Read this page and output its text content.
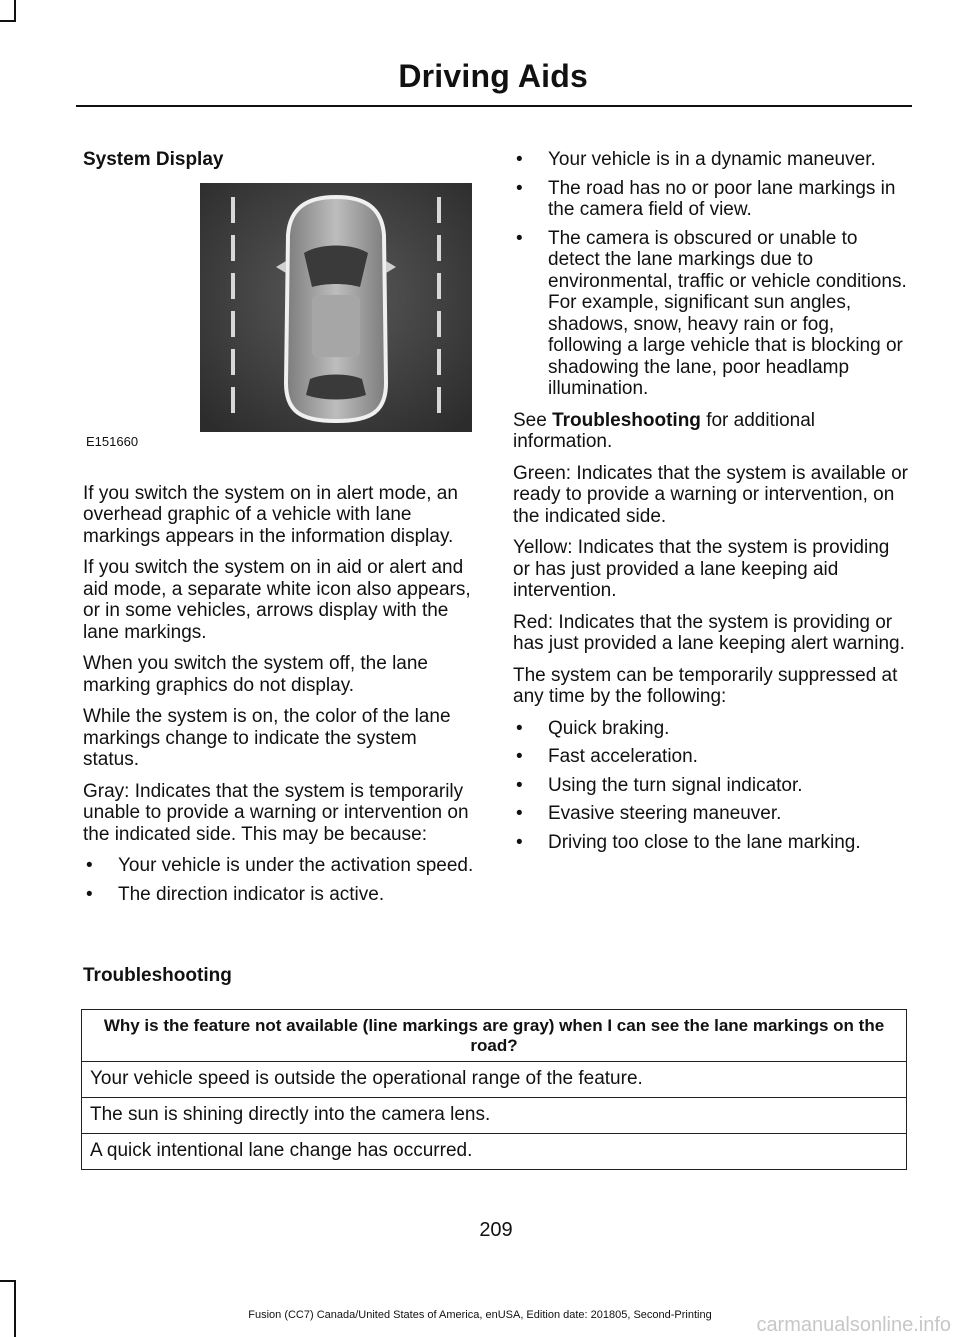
Driving Aids

System Display

E151660

If you switch the system on in alert mode, an overhead graphic of a vehicle with lane markings appears in the information display.

If you switch the system on in aid or alert and aid mode, a separate white icon also appears, or in some vehicles, arrows display with the lane markings.

When you switch the system off, the lane marking graphics do not display.

While the system is on, the color of the lane markings change to indicate the system status.

Gray: Indicates that the system is temporarily unable to provide a warning or intervention on the indicated side. This may be because:

• Your vehicle is under the activation speed.
• The direction indicator is active.
• Your vehicle is in a dynamic maneuver.
• The road has no or poor lane markings in the camera field of view.
• The camera is obscured or unable to detect the lane markings due to environmental, traffic or vehicle conditions. For example, significant sun angles, shadows, snow, heavy rain or fog, following a large vehicle that is blocking or shadowing the lane, poor headlamp illumination.

See Troubleshooting for additional information.

Green: Indicates that the system is available or ready to provide a warning or intervention, on the indicated side.

Yellow: Indicates that the system is providing or has just provided a lane keeping aid intervention.

Red: Indicates that the system is providing or has just provided a lane keeping alert warning.

The system can be temporarily suppressed at any time by the following:

• Quick braking.
• Fast acceleration.
• Using the turn signal indicator.
• Evasive steering maneuver.
• Driving too close to the lane marking.
Troubleshooting
Why is the feature not available (line markings are gray) when I can see the lane markings on the road?
Your vehicle speed is outside the operational range of the feature.
The sun is shining directly into the camera lens.
A quick intentional lane change has occurred.
209
Fusion (CC7) Canada/United States of America, enUSA, Edition date: 201805, Second-Printing	carmanualsonline.info
